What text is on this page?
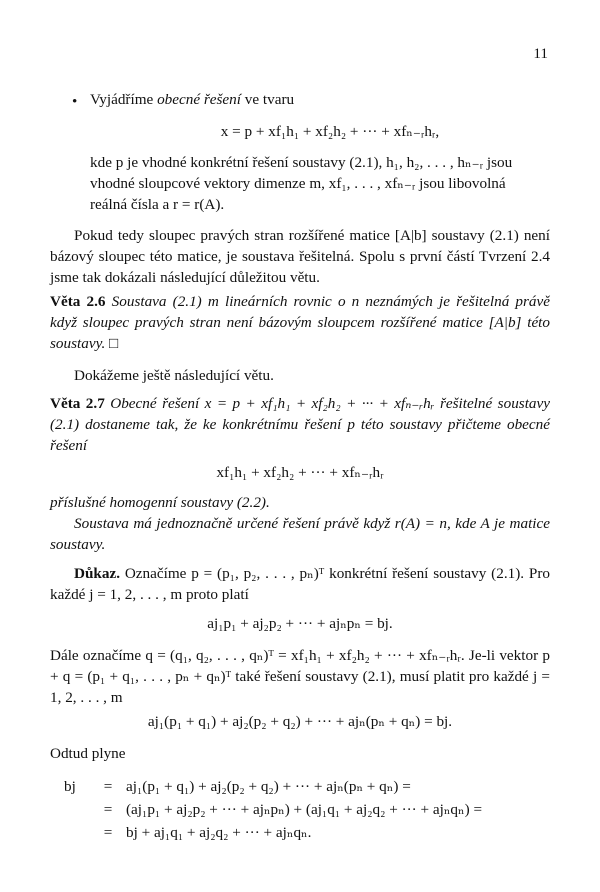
11
• Vyjádříme obecné řešení ve tvaru
x = p + xf₁h₁ + xf₂h₂ + ··· + xfₙ₋ᵣhᵣ,
kde p je vhodné konkrétní řešení soustavy (2.1), h₁, h₂, . . . , hₙ₋ᵣ jsou
vhodné sloupcové vektory dimenze m, xf₁, . . . , xfₙ₋ᵣ jsou libovolná
reálná čísla a r = r(A).
Pokud tedy sloupec pravých stran rozšířené matice [A|b] soustavy (2.1) není bázový sloupec této matice, je soustava řešitelná. Spolu s první částí Tvrzení 2.4 jsme tak dokázali následující důležitou větu.
Věta 2.6 Soustava (2.1) m lineárních rovnic o n neznámých je řešitelná právě když sloupec pravých stran není bázovým sloupcem rozšířené matice [A|b] této soustavy. □
Dokážeme ještě následující větu.
Věta 2.7 Obecné řešení x = p + xf₁h₁ + xf₂h₂ + ··· + xfₙ₋ᵣhᵣ řešitelné soustavy (2.1) dostaneme tak, že ke konkrétnímu řešení p této soustavy přičteme obecné řešení
xf₁h₁ + xf₂h₂ + ··· + xfₙ₋ᵣhᵣ
příslušné homogenní soustavy (2.2).
Soustava má jednoznačně určené řešení právě když r(A) = n, kde A je matice soustavy.
Důkaz. Označíme p = (p₁, p₂, . . . , pₙ)ᵀ konkrétní řešení soustavy (2.1). Pro každé j = 1, 2, . . . , m proto platí
aj₁p₁ + aj₂p₂ + ··· + ajₙpₙ = bj.
Dále označíme q = (q₁, q₂, . . . , qₙ)ᵀ = xf₁h₁ + xf₂h₂ + ··· + xfₙ₋ᵣhᵣ. Je-li vektor p + q = (p₁ + q₁, . . . , pₙ + qₙ)ᵀ také řešení soustavy (2.1), musí platit pro každé j = 1, 2, . . . , m
aj₁(p₁ + q₁) + aj₂(p₂ + q₂) + ··· + ajₙ(pₙ + qₙ) = bj.
Odtud plyne
bj	=	aj₁(p₁ + q₁) + aj₂(p₂ + q₂) + ··· + ajₙ(pₙ + qₙ) =
	=	(aj₁p₁ + aj₂p₂ + ··· + ajₙpₙ) + (aj₁q₁ + aj₂q₂ + ··· + ajₙqₙ) =
	=	bj + aj₁q₁ + aj₂q₂ + ··· + ajₙqₙ.
